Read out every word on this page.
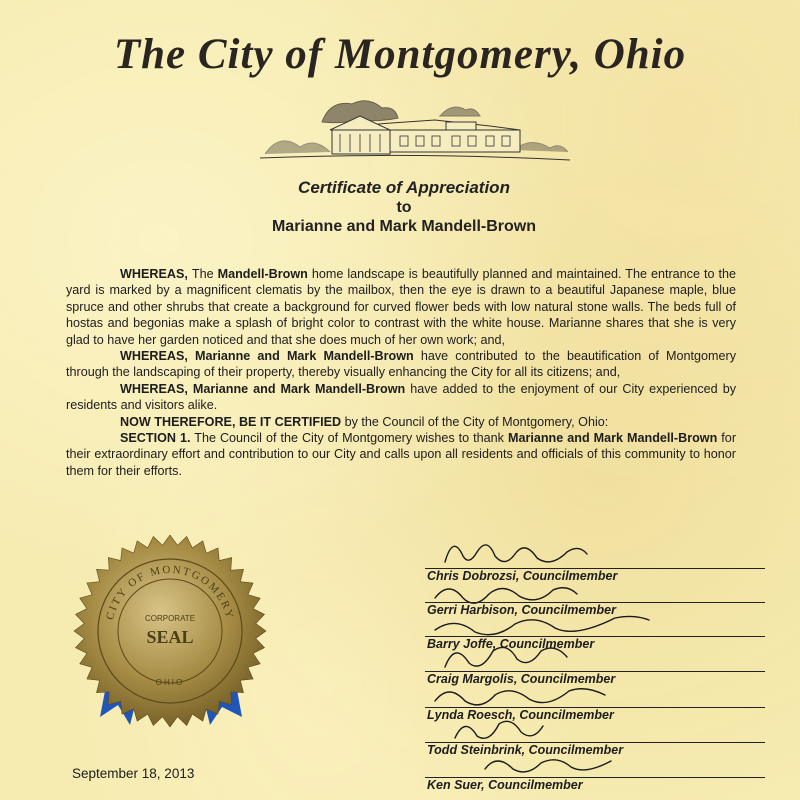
The City of Montgomery, Ohio
Certificate of Appreciation
to
Marianne and Mark Mandell-Brown

WHEREAS, The Mandell-Brown home landscape is beautifully planned and maintained. The entrance to the yard is marked by a magnificent clematis by the mailbox, then the eye is drawn to a beautiful Japanese maple, blue spruce and other shrubs that create a background for curved flower beds with low natural stone walls. The beds full of hostas and begonias make a splash of bright color to contrast with the white house. Marianne shares that she is very glad to have her garden noticed and that she does much of her own work; and,

WHEREAS, Marianne and Mark Mandell-Brown have contributed to the beautification of Montgomery through the landscaping of their property, thereby visually enhancing the City for all its citizens; and,

WHEREAS, Marianne and Mark Mandell-Brown have added to the enjoyment of our City experienced by residents and visitors alike.

NOW THEREFORE, BE IT CERTIFIED by the Council of the City of Montgomery, Ohio:

SECTION 1. The Council of the City of Montgomery wishes to thank Marianne and Mark Mandell-Brown for their extraordinary effort and contribution to our City and calls upon all residents and officials of this community to honor them for their efforts.

CITY OF MONTGOMERY
CORPORATE
SEAL
OHIO
September 18, 2013
Chris Dobrozsi, Councilmember
Gerri Harbison, Councilmember
Barry Joffe, Councilmember
Craig Margolis, Councilmember
Lynda Roesch, Councilmember
Todd Steinbrink, Councilmember
Ken Suer, Councilmember
